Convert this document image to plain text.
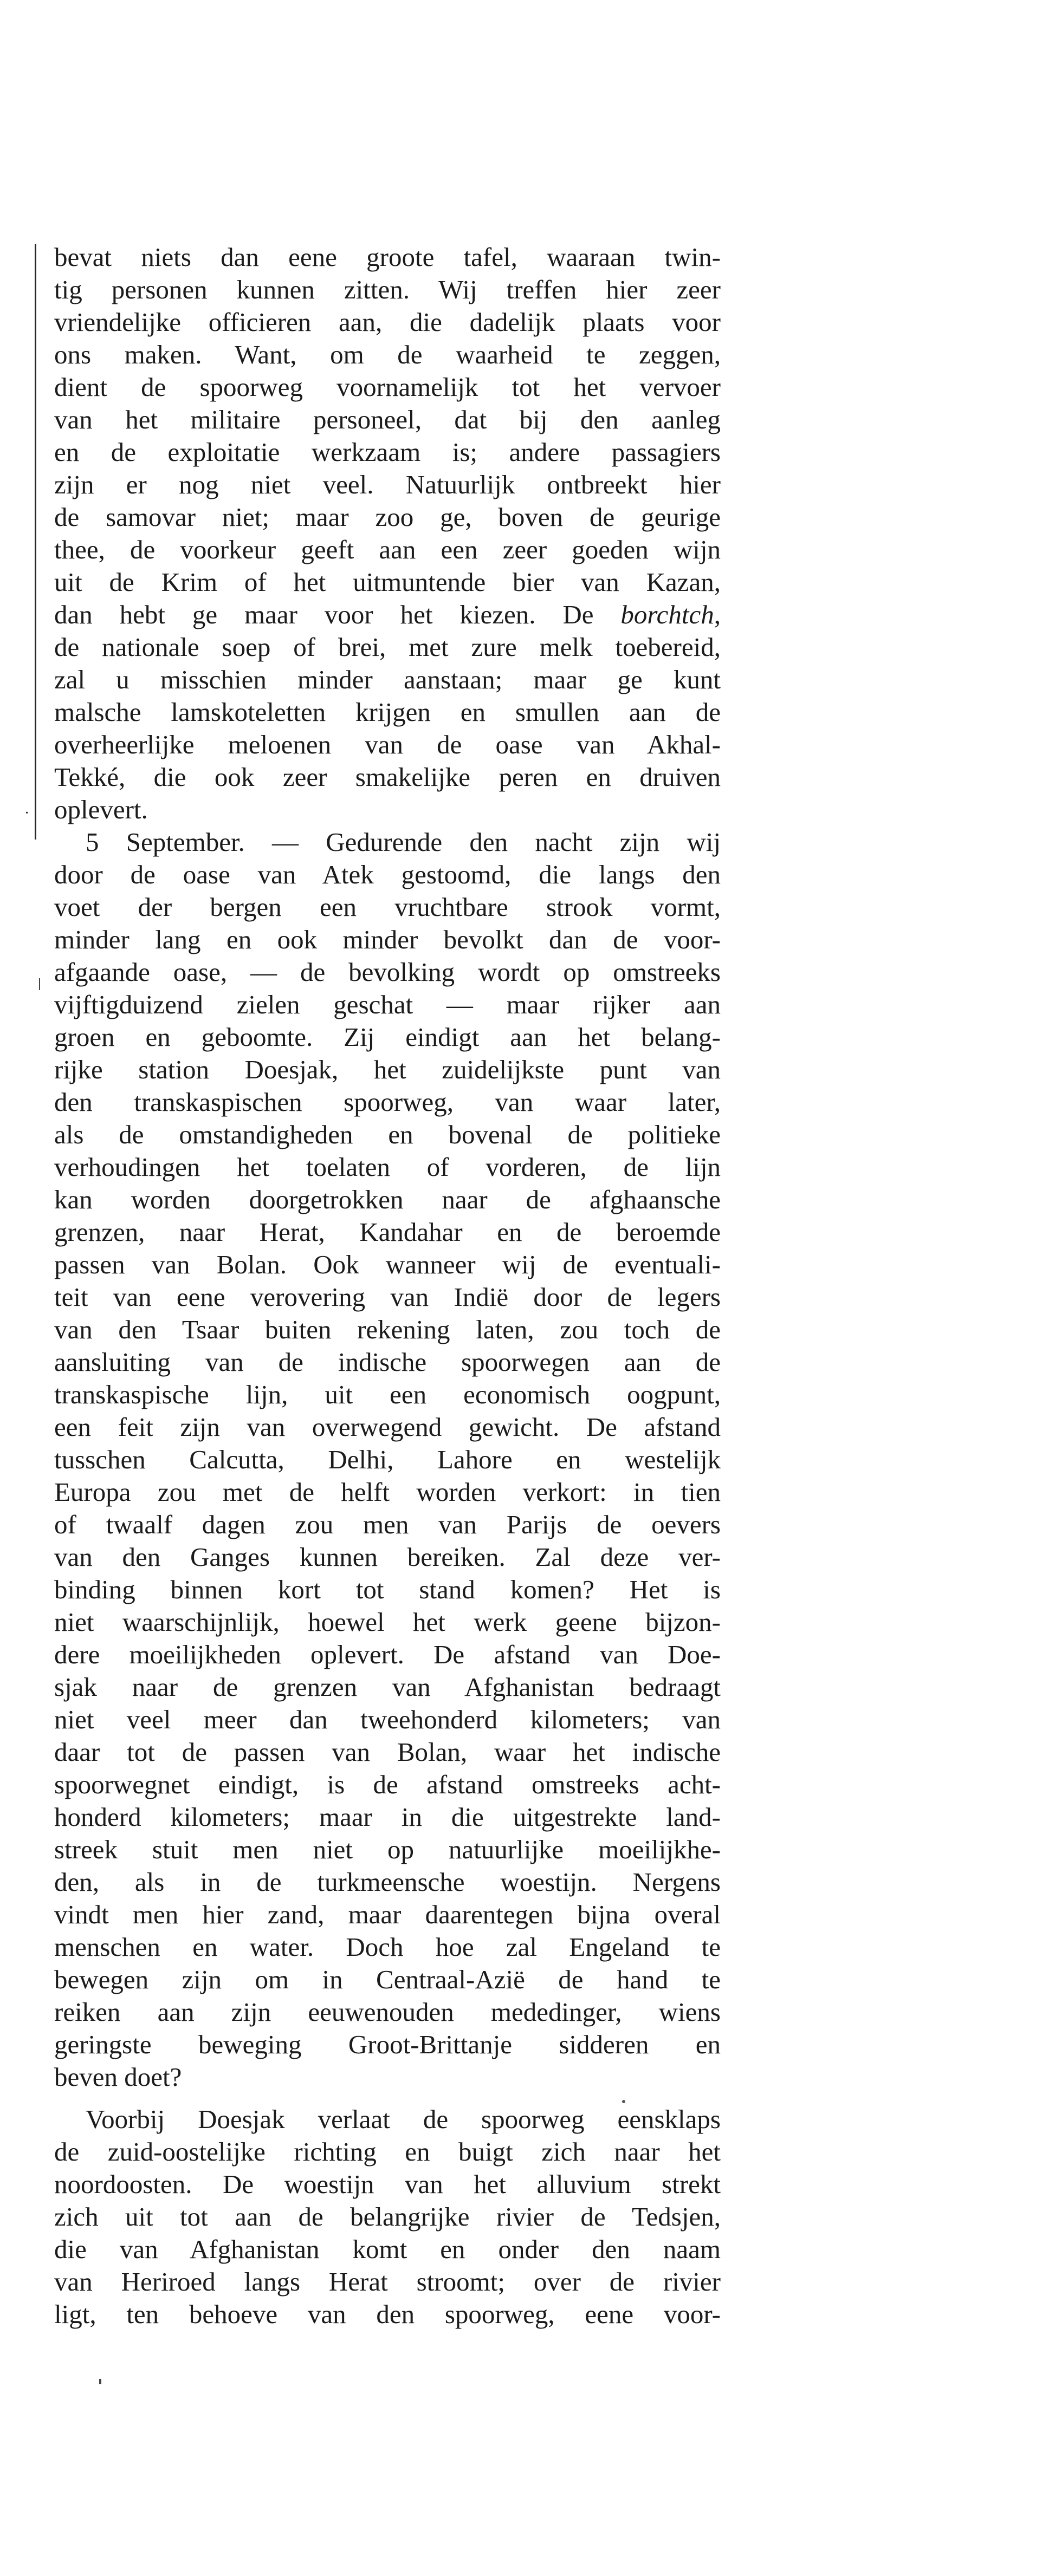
·
bevat niets dan eene groote tafel, waaraan twin-
tig personen kunnen zitten. Wij treffen hier zeer
vriendelijke officieren aan, die dadelijk plaats voor
ons maken. Want, om de waarheid te zeggen,
dient de spoorweg voornamelijk tot het vervoer
van het militaire personeel, dat bij den aanleg
en de exploitatie werkzaam is; andere passagiers
zijn er nog niet veel. Natuurlijk ontbreekt hier
de samovar niet; maar zoo ge, boven de geurige
thee, de voorkeur geeft aan een zeer goeden wijn
uit de Krim of het uitmuntende bier van Kazan,
dan hebt ge maar voor het kiezen. De borchtch,
de nationale soep of brei, met zure melk toebereid,
zal u misschien minder aanstaan; maar ge kunt
malsche lamskoteletten krijgen en smullen aan de
overheerlijke meloenen van de oase van Akhal-
Tekké, die ook zeer smakelijke peren en druiven
oplevert.
5 September. — Gedurende den nacht zijn wij
door de oase van Atek gestoomd, die langs den
voet der bergen een vruchtbare strook vormt,
minder lang en ook minder bevolkt dan de voor-
afgaande oase, — de bevolking wordt op omstreeks
vijftigduizend zielen geschat — maar rijker aan
groen en geboomte. Zij eindigt aan het belang-
rijke station Doesjak, het zuidelijkste punt van
den transkaspischen spoorweg, van waar later,
als de omstandigheden en bovenal de politieke
verhoudingen het toelaten of vorderen, de lijn
kan worden doorgetrokken naar de afghaansche
grenzen, naar Herat, Kandahar en de beroemde
passen van Bolan. Ook wanneer wij de eventuali-
teit van eene verovering van Indië door de legers
van den Tsaar buiten rekening laten, zou toch de
aansluiting van de indische spoorwegen aan de
transkaspische lijn, uit een economisch oogpunt,
een feit zijn van overwegend gewicht. De afstand
tusschen Calcutta, Delhi, Lahore en westelijk
Europa zou met de helft worden verkort: in tien
of twaalf dagen zou men van Parijs de oevers
van den Ganges kunnen bereiken. Zal deze ver-
binding binnen kort tot stand komen? Het is
niet waarschijnlijk, hoewel het werk geene bijzon-
dere moeilijkheden oplevert. De afstand van Doe-
sjak naar de grenzen van Afghanistan bedraagt
niet veel meer dan tweehonderd kilometers; van
daar tot de passen van Bolan, waar het indische
spoorwegnet eindigt, is de afstand omstreeks acht-
honderd kilometers; maar in die uitgestrekte land-
streek stuit men niet op natuurlijke moeilijkhe-
den, als in de turkmeensche woestijn. Nergens
vindt men hier zand, maar daarentegen bijna overal
menschen en water. Doch hoe zal Engeland te
bewegen zijn om in Centraal-Azië de hand te
reiken aan zijn eeuwenouden mededinger, wiens
geringste beweging Groot-Brittanje sidderen en
beven doet?
Voorbij Doesjak verlaat de spoorweg eensklaps
de zuid-oostelijke richting en buigt zich naar het
noordoosten. De woestijn van het alluvium strekt
zich uit tot aan de belangrijke rivier de Tedsjen,
die van Afghanistan komt en onder den naam
van Heriroed langs Herat stroomt; over de rivier
ligt, ten behoeve van den spoorweg, eene voor-
